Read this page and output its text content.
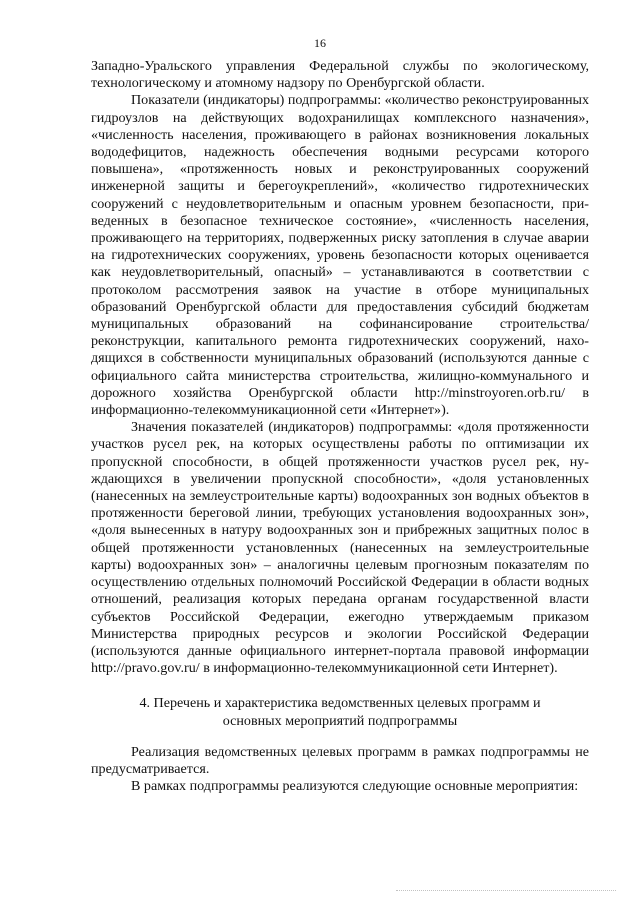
16

Западно-Уральского управления Федеральной службы по экологическому, технологическому и атомному надзору по Оренбургской области.

Показатели (индикаторы) подпрограммы: «количество реконструированных гидроузлов на действующих водохранилищах комплексного назначения», «численность населения, проживающего в районах возникновения локальных вододефицитов, надежность обеспечения водными ресурсами которого повышена», «протяженность новых и реконструированных сооружений инженерной защиты и берегоукреплений», «количество гидротехнических сооружений с неудовлетворительным и опасным уровнем безопасности, приведенных в безопасное техническое состояние», «численность населения, проживающего на территориях, подверженных риску затопления в случае аварии на гидротехнических сооружениях, уровень безопасности которых оценивается как неудовлетворительный, опасный» – устанавливаются в соответствии с протоколом рассмотрения заявок на участие в отборе муниципальных образований Оренбургской области для предоставления субсидий бюджетам муниципальных образований на софинансирование строительства/ реконструкции, капитального ремонта гидротехнических сооружений, находящихся в собственности муниципальных образований (используются данные с официального сайта министерства строительства, жилищно-коммунального и дорожного хозяйства Оренбургской области http://minstroyoren.orb.ru/ в информационно-телекоммуникационной сети «Интернет»).

Значения показателей (индикаторов) подпрограммы: «доля протяженности участков русел рек, на которых осуществлены работы по оптимизации их пропускной способности, в общей протяженности участков русел рек, нуждающихся в увеличении пропускной способности», «доля установленных (нанесенных на землеустроительные карты) водоохранных зон водных объектов в протяженности береговой линии, требующих установления водоохранных зон», «доля вынесенных в натуру водоохранных зон и прибрежных защитных полос в общей протяженности установленных (нанесенных на землеустроительные карты) водоохранных зон» – аналогичны целевым прогнозным показателям по осуществлению отдельных полномочий Российской Федерации в области водных отношений, реализация которых передана органам государственной власти субъектов Российской Федерации, ежегодно утверждаемым приказом Министерства природных ресурсов и экологии Российской Федерации (используются данные официального интернет-портала правовой информации http://pravo.gov.ru/ в информационно-телекоммуникационной сети Интернет).

4. Перечень и характеристика ведомственных целевых программ и
основных мероприятий подпрограммы

Реализация ведомственных целевых программ в рамках подпрограммы не предусматривается.

В рамках подпрограммы реализуются следующие основные мероприятия:
